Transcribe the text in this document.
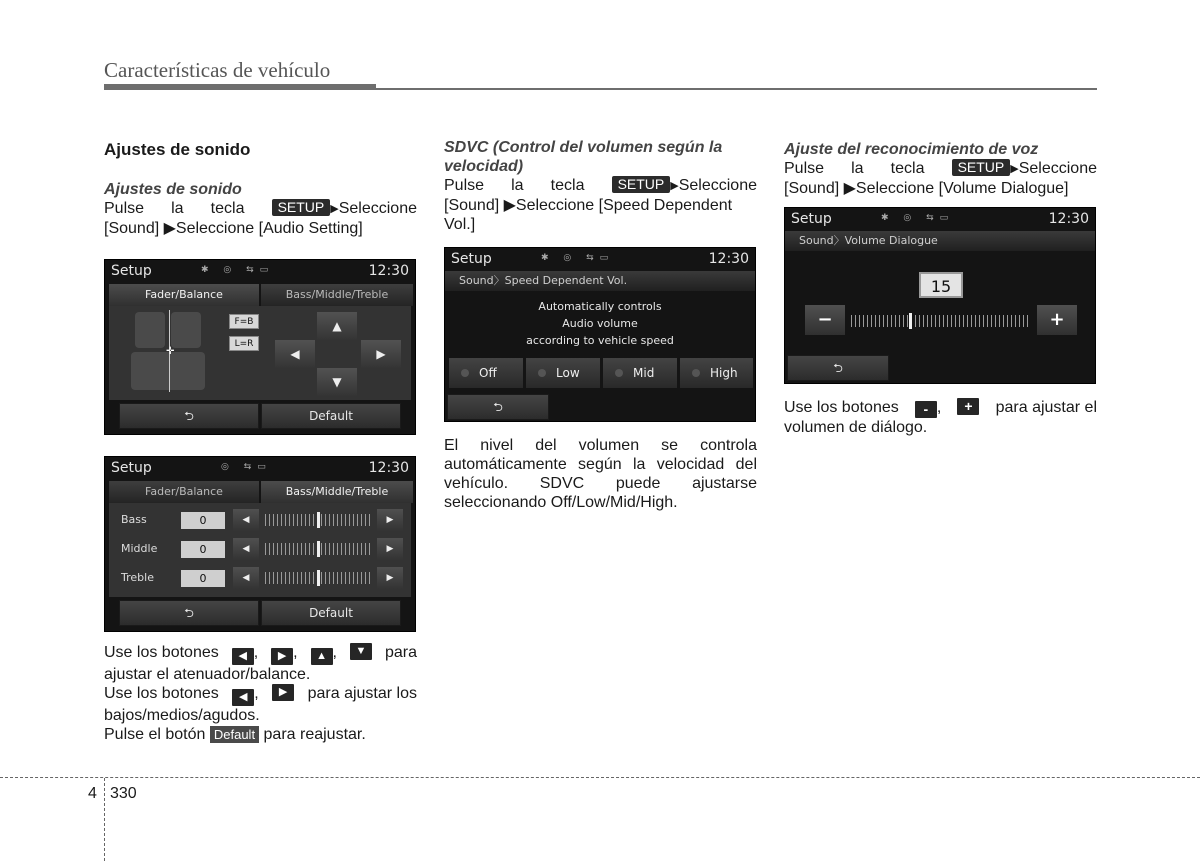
Características de vehículo
Ajustes de sonido
Ajustes de sonido
Pulse la tecla	SETUP ▶Seleccione
[Sound] ▶Seleccione [Audio Setting]
Setup	✱ ◎ ⇆▭	12:30
Fader/Balance	Bass/Middle/Treble
✛
F=B
L=R
▲
◀	▶
▼
⮌	Default
Setup	◎ ⇆▭	12:30
Fader/Balance	Bass/Middle/Treble
Bass	0	◀	▶
Middle	0	◀	▶
Treble	0	◀	▶
⮌	Default
Use los botones	◀ ,	▶ ,	▲ ,	▼	para
ajustar el atenuador/balance.
Use los botones	◀ ,	▶	para ajustar los
bajos/medios/agudos.
Pulse el botón Default para reajustar.
SDVC (Control del volumen según la velocidad)
Pulse la tecla	SETUP ▶Seleccione
[Sound] ▶Seleccione [Speed Dependent
Vol.]
Setup	✱ ◎ ⇆▭	12:30
Sound〉Speed Dependent Vol.
Automatically controls
Audio volume
according to vehicle speed
Off	Low	Mid	High
⮌
El nivel del volumen se controla automáticamente según la velocidad del vehículo. SDVC puede ajustarse seleccionando Off/Low/Mid/High.
Ajuste del reconocimiento de voz
Pulse la tecla	SETUP ▶Seleccione
[Sound] ▶Seleccione [Volume Dialogue]
Setup	✱ ◎ ⇆▭	12:30
Sound〉Volume Dialogue
15
−	+
⮌
Use los botones	- ,	+	para ajustar el
volumen de diálogo.
4 330
